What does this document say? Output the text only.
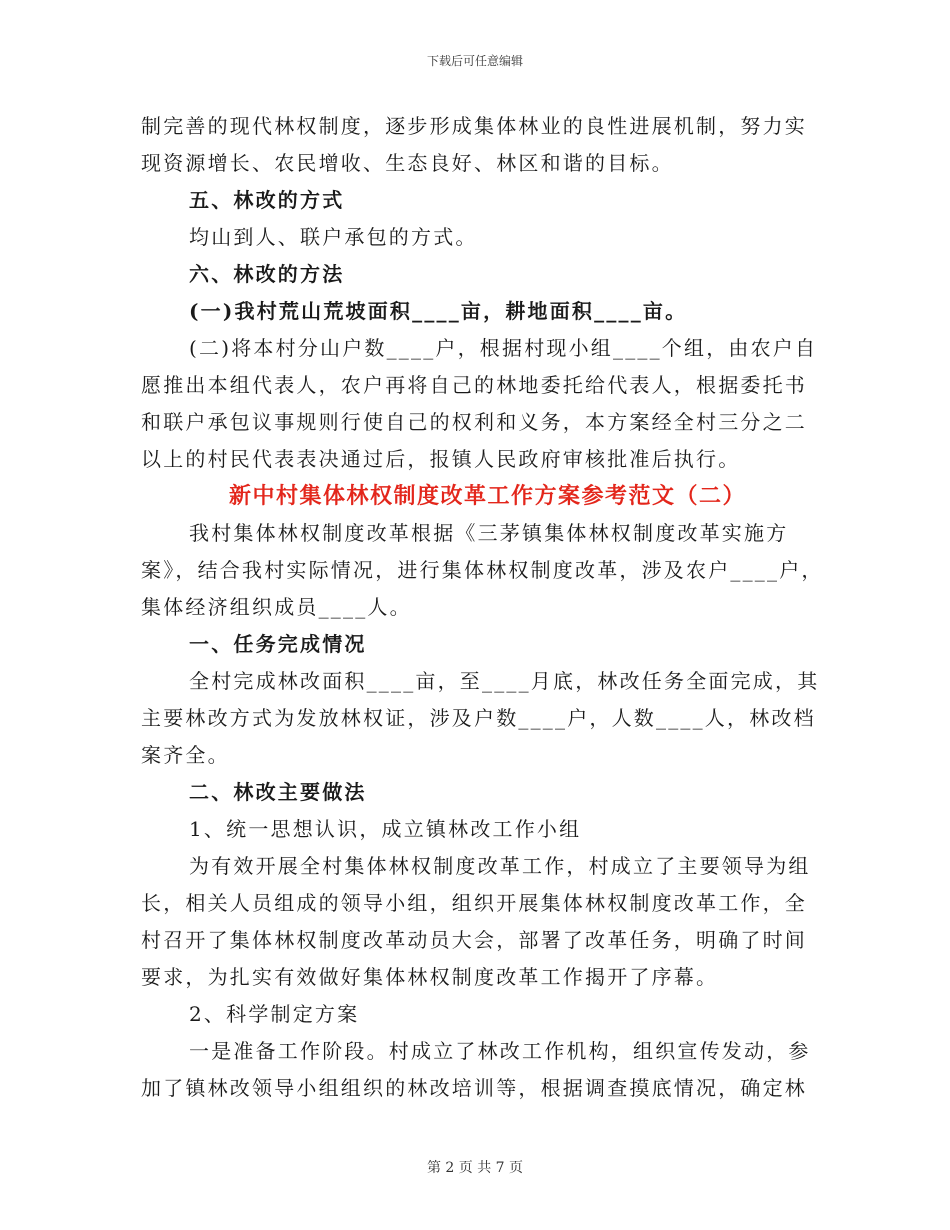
下载后可任意编辑
制完善的现代林权制度，逐步形成集体林业的良性进展机制，努力实
现资源增长、农民增收、生态良好、林区和谐的目标。
五、林改的方式
均山到人、联户承包的方式。
六、林改的方法
(一)我村荒山荒坡面积____亩，耕地面积____亩。
(二)将本村分山户数____户，根据村现小组____个组，由农户自
愿推出本组代表人，农户再将自己的林地委托给代表人，根据委托书
和联户承包议事规则行使自己的权利和义务，本方案经全村三分之二
以上的村民代表表决通过后，报镇人民政府审核批准后执行。
新中村集体林权制度改革工作方案参考范文（二）
我村集体林权制度改革根据《三茅镇集体林权制度改革实施方
案》，结合我村实际情况，进行集体林权制度改革，涉及农户____户，
集体经济组织成员____人。
一、任务完成情况
全村完成林改面积____亩，至____月底，林改任务全面完成，其
主要林改方式为发放林权证，涉及户数____户，人数____人，林改档
案齐全。
二、林改主要做法
1、统一思想认识，成立镇林改工作小组
为有效开展全村集体林权制度改革工作，村成立了主要领导为组
长，相关人员组成的领导小组，组织开展集体林权制度改革工作，全
村召开了集体林权制度改革动员大会，部署了改革任务，明确了时间
要求，为扎实有效做好集体林权制度改革工作揭开了序幕。
2、科学制定方案
一是准备工作阶段。村成立了林改工作机构，组织宣传发动，参
加了镇林改领导小组组织的林改培训等，根据调查摸底情况，确定林
第 2 页 共 7 页
